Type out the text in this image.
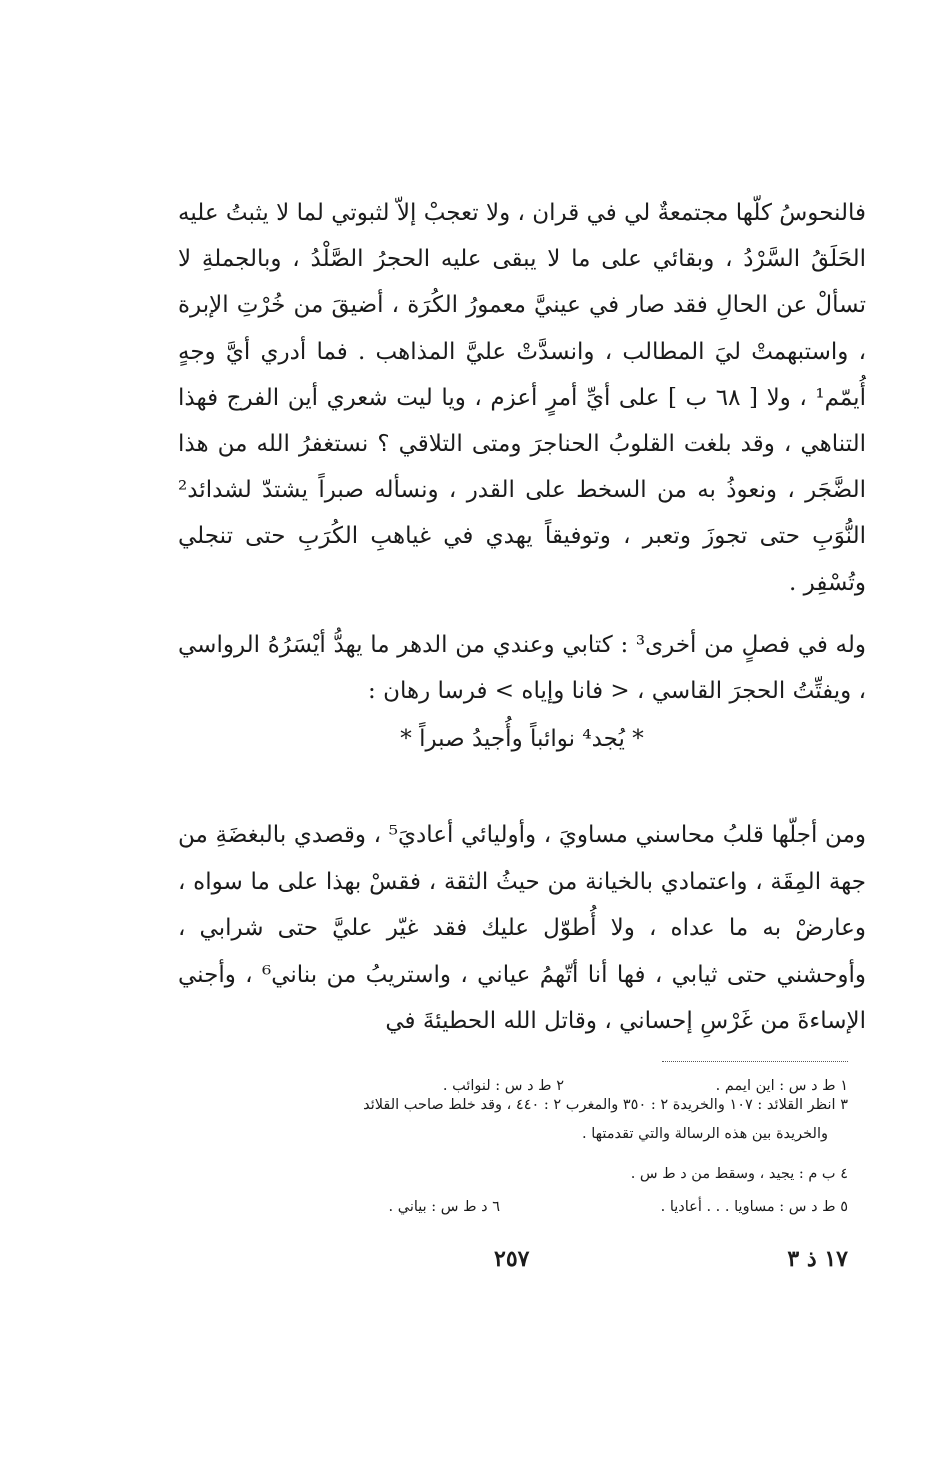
فالنحوسُ كلّها مجتمعةٌ لي في قران ، ولا تعجبْ إلاّ لثبوتي لما لا يثبتُ عليه الحَلَقُ السَّرْدُ ، وبقائي على ما لا يبقى عليه الحجرُ الصَّلْدُ ، وبالجملةِ لا تسألْ عن الحالِ فقد صار في عينيَّ معمورُ الكُرَة ، أضيقَ من خُرْتِ الإبرة ، واستبهمتْ ليَ المطالب ، وانسدَّتْ عليَّ المذاهب . فما أدري أيَّ وجهٍ أُيمّم¹ ، ولا [ ٦٨ ب ] على أيِّ أمرٍ أعزم ، ويا ليت شعري أين الفرج فهذا التناهي ، وقد بلغت القلوبُ الحناجرَ ومتى التلاقي ؟ نستغفرُ الله من هذا الضَّجَر ، ونعوذُ به من السخط على القدر ، ونسأله صبراً يشتدّ لشدائد² النُّوَبِ حتى تجوزَ وتعبر ، وتوفيقاً يهدي في غياهبِ الكُرَبِ حتى تنجلي وتُسْفِر .
وله في فصلٍ من أخرى³ : كتابي وعندي من الدهر ما يهدُّ أيْسَرُهُ الرواسي ، ويفتِّتُ الحجرَ القاسي ، < فانا وإياه > فرسا رهان :
* يُجد⁴ نوائباً وأُجيدُ صبراً *
ومن أجلّها قلبُ محاسني مساويَ ، وأوليائي أعاديَ⁵ ، وقصدي بالبغضَةِ من جهة المِقَة ، واعتمادي بالخيانة من حيثُ الثقة ، فقسْ بهذا على ما سواه ، وعارضْ به ما عداه ، ولا أُطوّل عليك فقد غيّر عليَّ حتى شرابي ، وأوحشني حتى ثيابي ، فها أنا أتّهمُ عياني ، واستريبُ من بناني⁶ ، وأجني الإساءةَ من غَرْسِ إحساني ، وقاتل الله الحطيئةَ في
١ ط د س : اين ايمم .
٢ ط د س : لنوائب .
٣ انظر القلائد : ١٠٧ والخريدة ٢ : ٣٥٠ والمغرب ٢ : ٤٤٠ ، وقد خلط صاحب القلائد
والخريدة بين هذه الرسالة والتي تقدمتها .
٤ ب م : يجيد ، وسقط من د ط س .
٥ ط د س : مساويا . . . أعاديا .
٦ د ط س : بياني .
٢٥٧	١٧ ذ ٣
